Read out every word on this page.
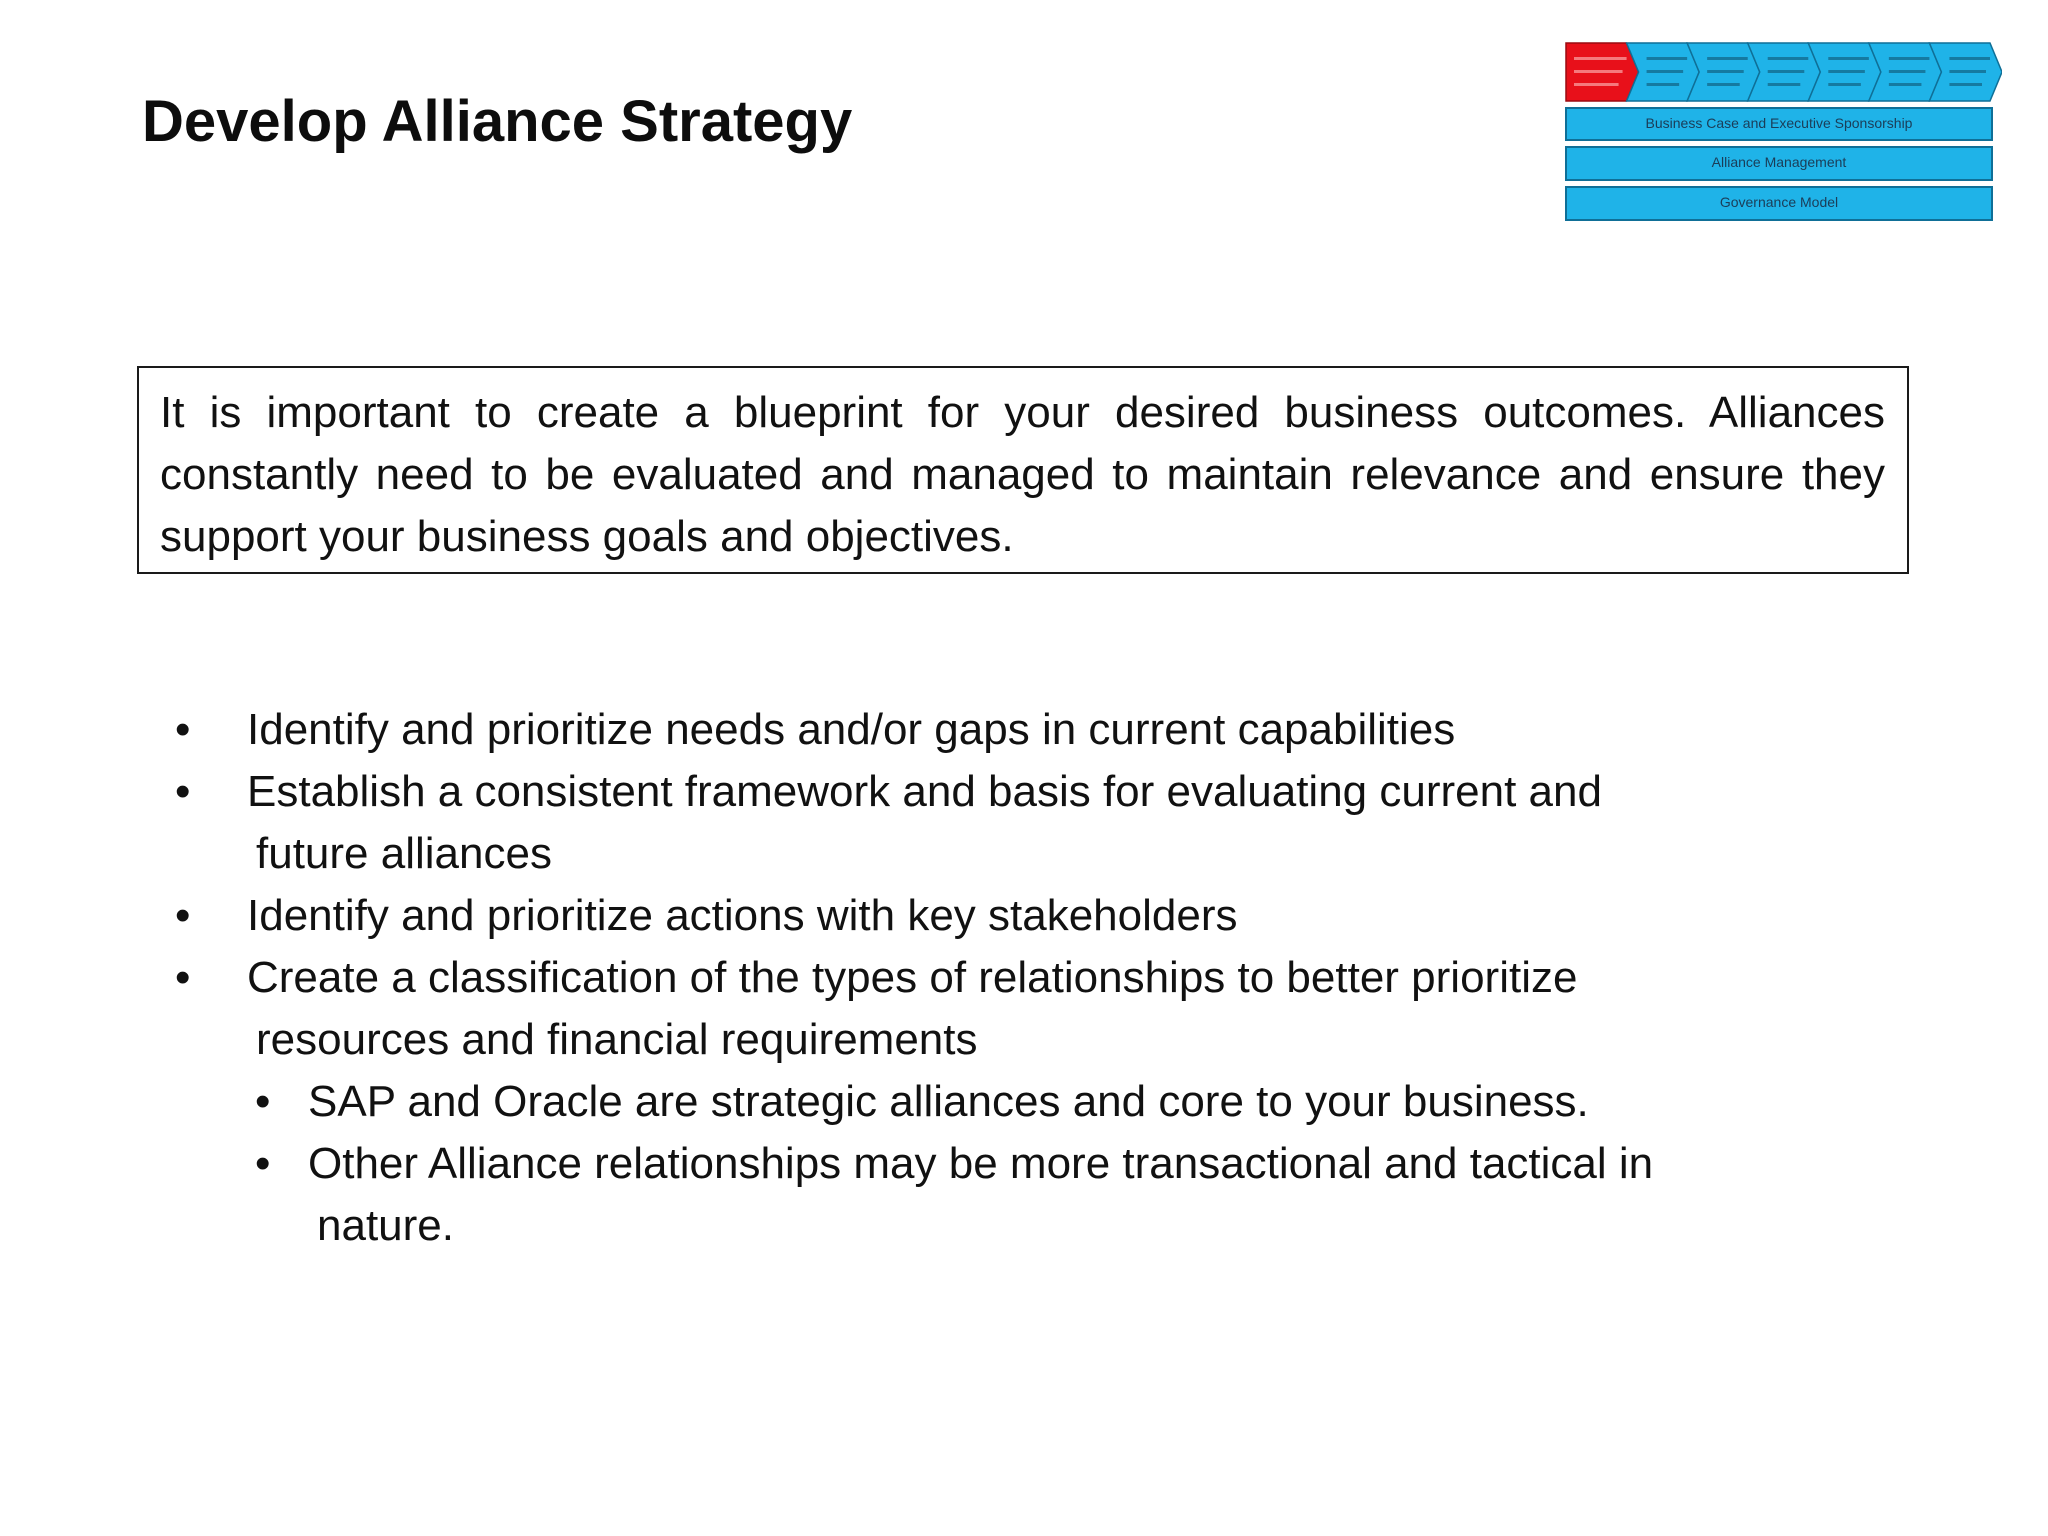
Develop Alliance Strategy	Business Case and Executive Sponsorship
Alliance Management
Governance Model

It is important to create a blueprint for your desired business outcomes. Alliances constantly need to be evaluated and managed to maintain relevance and ensure they support your business goals and objectives.

• Identify and prioritize needs and/or gaps in current capabilities
• Establish a consistent framework and basis for evaluating current and
future alliances
• Identify and prioritize actions with key stakeholders
• Create a classification of the types of relationships to better prioritize
resources and financial requirements
• SAP and Oracle are strategic alliances and core to your business.
• Other Alliance relationships may be more transactional and tactical in
nature.
